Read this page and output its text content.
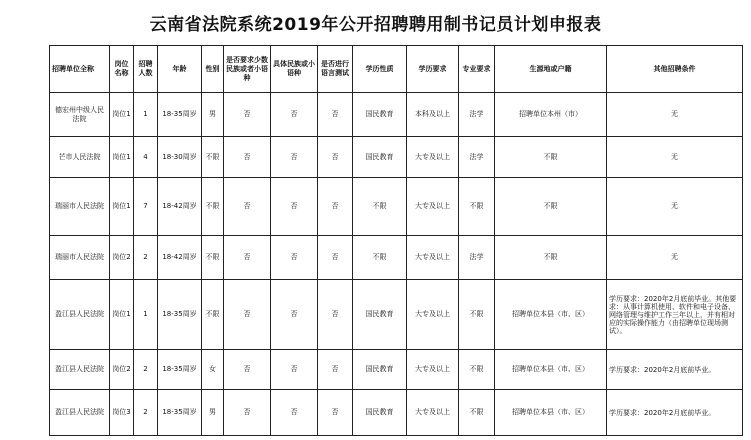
云南省法院系统2019年公开招聘聘用制书记员计划申报表
招聘单位全称	岗位名称	招聘人数	年龄	性别	是否要求少数民族或者小语种	具体民族或小语种	是否进行语言测试	学历性质	学历要求	专业要求	生源地或户籍	其他招聘条件
德宏州中级人民法院	岗位1	1	18-35周岁	男	否	否	否	国民教育	本科及以上	法学	招聘单位本州（市）	无
芒市人民法院	岗位1	4	18-30周岁	不限	否	否	否	国民教育	大专及以上	法学	不限	无
瑞丽市人民法院	岗位1	7	18-42周岁	不限	否	否	否	不限	大专及以上	不限	不限	无
瑞丽市人民法院	岗位2	2	18-42周岁	不限	否	否	否	不限	大专及以上	法学	不限	无
盈江县人民法院	岗位1	1	18-35周岁	不限	否	否	否	国民教育	大专及以上	不限	招聘单位本县（市、区）	学历要求：2020年2月底前毕业。其他要求：从事计算机使用、软件和电子设备、网络管理与维护工作三年以上，并有相对应的实际操作能力（由招聘单位现场测试）。
盈江县人民法院	岗位2	2	18-35周岁	女	否	否	否	国民教育	大专及以上	不限	招聘单位本县（市、区）	学历要求：2020年2月底前毕业。
盈江县人民法院	岗位3	2	18-35周岁	男	否	否	否	国民教育	大专及以上	不限	招聘单位本县（市、区）	学历要求：2020年2月底前毕业。
